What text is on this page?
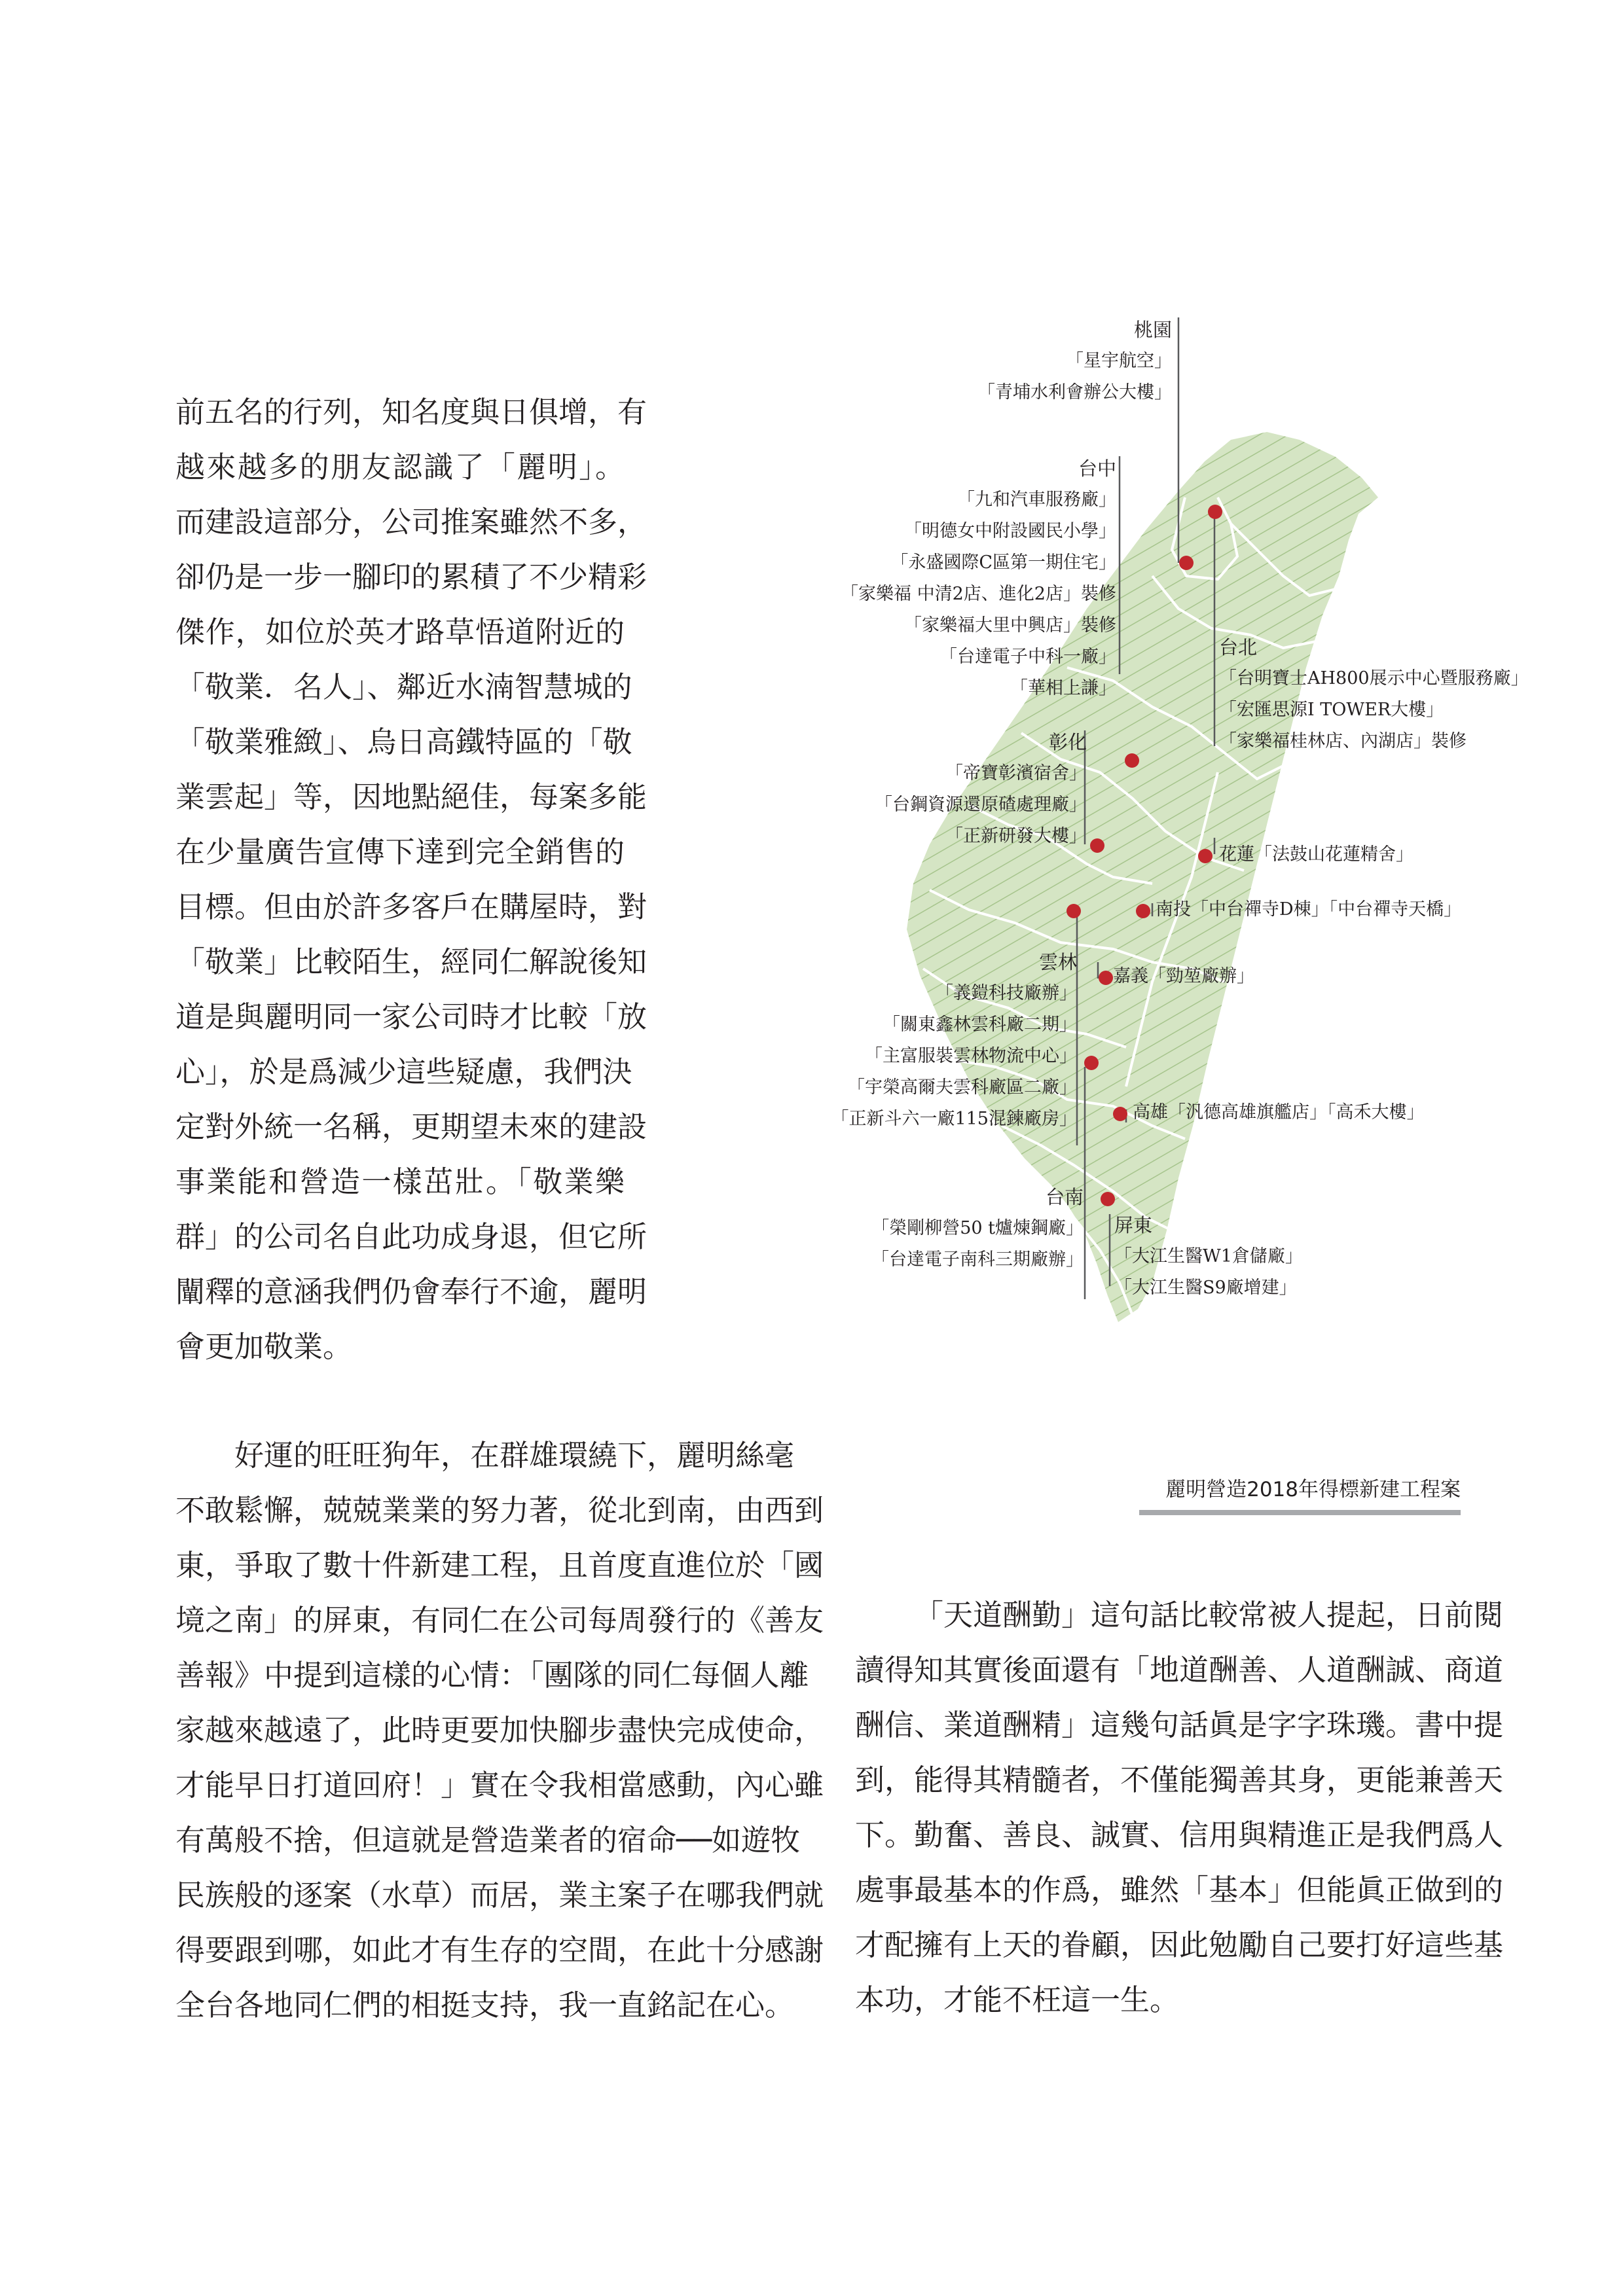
前五名的行列，知名度與日俱增，有
越來越多的朋友認識了「麗明」。
而建設這部分，公司推案雖然不多，
卻仍是一步一腳印的累積了不少精彩
傑作，如位於英才路草悟道附近的
「敬業．名人」、鄰近水湳智慧城的
「敬業雅緻」、烏日高鐵特區的「敬
業雲起」等，因地點絕佳，每案多能
在少量廣告宣傳下達到完全銷售的
目標。但由於許多客戶在購屋時，對
「敬業」比較陌生，經同仁解說後知
道是與麗明同一家公司時才比較「放
心」，於是爲減少這些疑慮，我們決
定對外統一名稱，更期望未來的建設
事業能和營造一樣茁壯。「敬業樂
群」的公司名自此功成身退，但它所
闡釋的意涵我們仍會奉行不逾，麗明
會更加敬業。

好運的旺旺狗年，在群雄環繞下，麗明絲毫
不敢鬆懈，兢兢業業的努力著，從北到南，由西到
東，爭取了數十件新建工程，且首度直進位於「國
境之南」的屏東，有同仁在公司每周發行的《善友
善報》中提到這樣的心情：「團隊的同仁每個人離
家越來越遠了，此時更要加快腳步盡快完成使命，
才能早日打道回府！」實在令我相當感動，內心雖
有萬般不捨，但這就是營造業者的宿命──如遊牧
民族般的逐案（水草）而居，業主案子在哪我們就
得要跟到哪，如此才有生存的空間，在此十分感謝
全台各地同仁們的相挺支持，我一直銘記在心。

「天道酬勤」這句話比較常被人提起，日前閱
讀得知其實後面還有「地道酬善、人道酬誠、商道
酬信、業道酬精」這幾句話眞是字字珠璣。書中提
到，能得其精髓者，不僅能獨善其身，更能兼善天
下。勤奮、善良、誠實、信用與精進正是我們爲人
處事最基本的作爲，雖然「基本」但能眞正做到的
才配擁有上天的眷顧，因此勉勵自己要打好這些基
本功，才能不枉這一生。

桃園
「星宇航空」
「青埔水利會辦公大樓」
台中
「九和汽車服務廠」
「明德女中附設國民小學」
「永盛國際C區第一期住宅」
「家樂福 中清2店、進化2店」裝修
「家樂福大里中興店」裝修
「台達電子中科一廠」
「華相上謙」
台北
「台明寶士AH800展示中心暨服務廠」
「宏匯思源I TOWER大樓」
「家樂福桂林店、內湖店」裝修
彰化
「帝寶彰濱宿舍」
「台鋼資源還原碴處理廠」
「正新研發大樓」
花蓮「法鼓山花蓮精舍」
南投「中台禪寺D棟」「中台禪寺天橋」
雲林
「義鎧科技廠辦」
「關東鑫林雲科廠二期」
「主富服裝雲林物流中心」
「宇榮高爾夫雲科廠區二廠」
「正新斗六一廠115混鍊廠房」
嘉義「勁堃廠辦」
高雄「汎德高雄旗艦店」「高禾大樓」
台南
「榮剛柳營50 t爐煉鋼廠」
「台達電子南科三期廠辦」
屏東
「大江生醫W1倉儲廠」
「大江生醫S9廠增建」
麗明營造2018年得標新建工程案
